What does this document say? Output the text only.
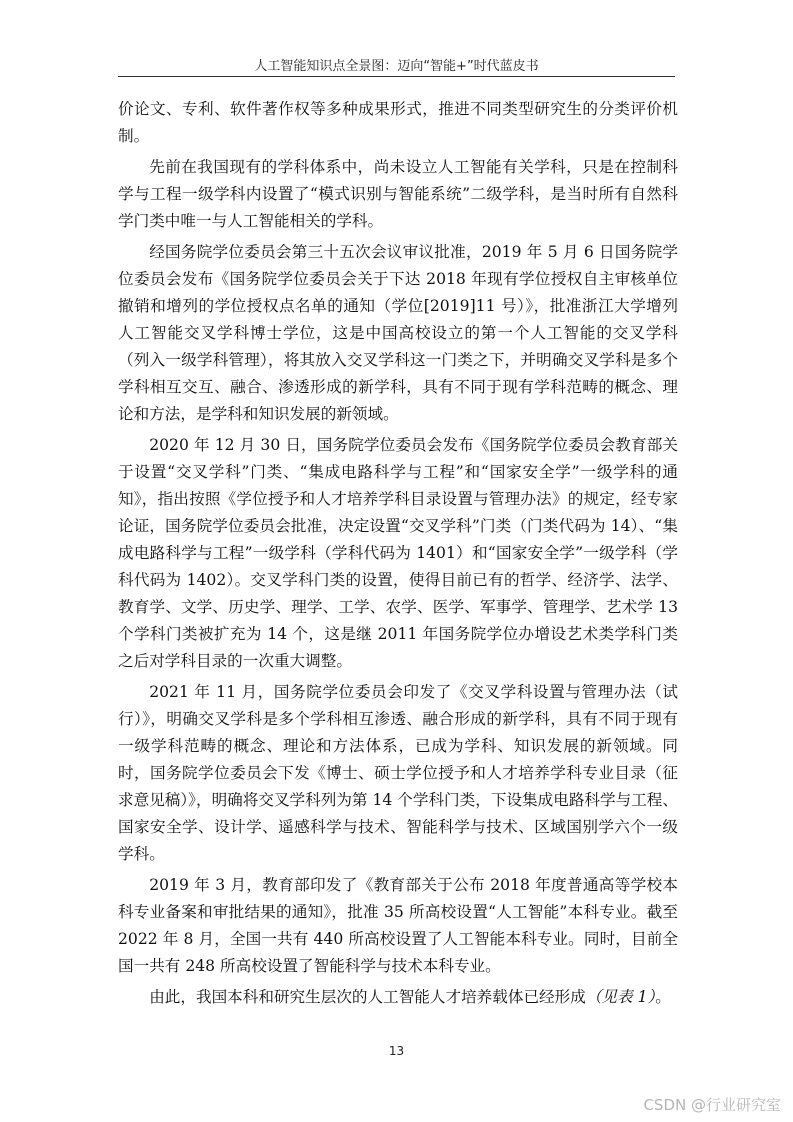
人工智能知识点全景图：迈向“智能+”时代蓝皮书

价论文、专利、软件著作权等多种成果形式，推进不同类型研究生的分类评价机制。

先前在我国现有的学科体系中，尚未设立人工智能有关学科，只是在控制科学与工程一级学科内设置了“模式识别与智能系统”二级学科，是当时所有自然科学门类中唯一与人工智能相关的学科。

经国务院学位委员会第三十五次会议审议批准，2019 年 5 月 6 日国务院学位委员会发布《国务院学位委员会关于下达 2018 年现有学位授权自主审核单位撤销和增列的学位授权点名单的通知（学位[2019]11 号）》，批准浙江大学增列人工智能交叉学科博士学位，这是中国高校设立的第一个人工智能的交叉学科（列入一级学科管理），将其放入交叉学科这一门类之下，并明确交叉学科是多个学科相互交互、融合、渗透形成的新学科，具有不同于现有学科范畴的概念、理论和方法，是学科和知识发展的新领域。

2020 年 12 月 30 日，国务院学位委员会发布《国务院学位委员会教育部关于设置“交叉学科”门类、“集成电路科学与工程”和“国家安全学”一级学科的通知》，指出按照《学位授予和人才培养学科目录设置与管理办法》的规定，经专家论证，国务院学位委员会批准，决定设置“交叉学科”门类（门类代码为 14）、“集成电路科学与工程”一级学科（学科代码为 1401）和“国家安全学”一级学科（学科代码为 1402）。交叉学科门类的设置，使得目前已有的哲学、经济学、法学、教育学、文学、历史学、理学、工学、农学、医学、军事学、管理学、艺术学 13 个学科门类被扩充为 14 个，这是继 2011 年国务院学位办增设艺术类学科门类之后对学科目录的一次重大调整。

2021 年 11 月，国务院学位委员会印发了《交叉学科设置与管理办法（试行）》，明确交叉学科是多个学科相互渗透、融合形成的新学科，具有不同于现有一级学科范畴的概念、理论和方法体系，已成为学科、知识发展的新领域。同时，国务院学位委员会下发《博士、硕士学位授予和人才培养学科专业目录（征求意见稿）》，明确将交叉学科列为第 14 个学科门类，下设集成电路科学与工程、国家安全学、设计学、遥感科学与技术、智能科学与技术、区域国别学六个一级学科。

2019 年 3 月，教育部印发了《教育部关于公布 2018 年度普通高等学校本科专业备案和审批结果的通知》，批准 35 所高校设置“人工智能”本科专业。截至 2022 年 8 月，全国一共有 440 所高校设置了人工智能本科专业。同时，目前全国一共有 248 所高校设置了智能科学与技术本科专业。

由此，我国本科和研究生层次的人工智能人才培养载体已经形成（见表 1）。

13
CSDN @行业研究室
